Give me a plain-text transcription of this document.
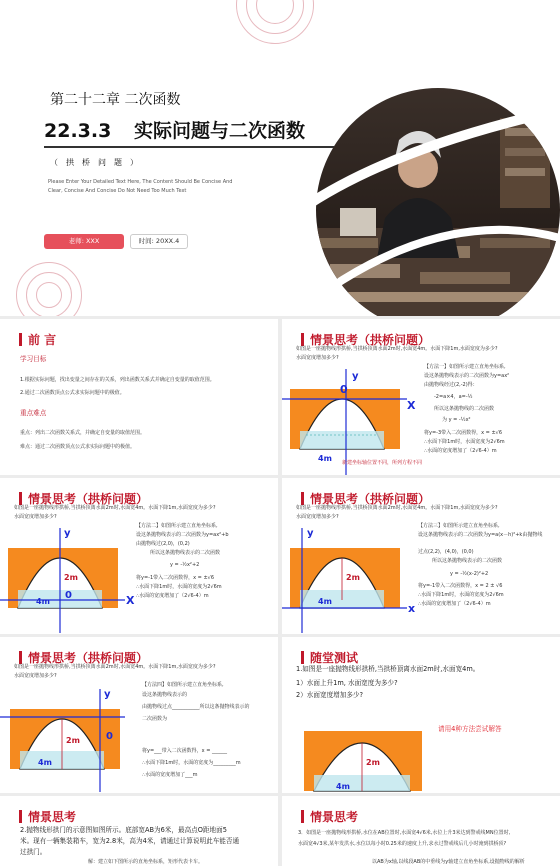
第二十二章 二次函数
22.3.3 实际问题与二次函数
（　拱　桥　问　题　）
Please Enter Your Detailed Text Here, The Content Should Be Concise And
Clear, Concise And Concise Do Not Need Too Much Text
老师: XXX	时间: 20XX.4
前 言
学习目标
1.根据实际问题，找出变量之间存在的关系，列出函数关系式并确定自变量的取值范围。
2.通过二次函数顶点公式求实际问题中的极值。
重点难点
重点：列出二次函数关系式，并确定自变量的取值范围。
难点：通过二次函数顶点公式求实际问题中的极值。
情景思考（拱桥问题）
如图是一座抛物线形拱桥,当拱桥顶离水面2m时,水面宽4m。水面下降1m,水面宽度为多少?
水面宽度增加多少?
y
X
0
4m 新建坐标轴位置不同，所列方程不同
【方法一】如图所示建立直角坐标系,
设这条抛物线表示的二次函数为y=ax²
由抛物线经过(2,-2)得：
-2=a×4，a=-½
所以这条抛物线的二次函数
为 y = -½x²
将y=-3带入二次函数得，x = ±√6
∴水面下降1m时，水面宽度为2√6m
∴水面的宽度增加了（2√6-4）m
情景思考（拱桥问题）
如图是一座抛物线形拱桥,当拱桥顶离水面2m时,水面宽4m。水面下降1m,水面宽度为多少?
水面宽度增加多少?
y
X
0
2m
4m
【方法二】如图所示建立直角坐标系,
设这条抛物线表示的二次函数为y=ax²+b
由抛物线过(2,0)，(0,2)
所以这条抛物线表示的二次函数
y = -½x²+2
将y=-1带入二次函数得，x = ±√6
∴水面下降1m时，水面的宽度为2√6m
∴水面的宽度增加了（2√6-4）m
情景思考（拱桥问题）
如图是一座抛物线形拱桥,当拱桥顶离水面2m时,水面宽4m。水面下降1m,水面宽度为多少?
水面宽度增加多少?
y
x
2m
4m
【方法三】如图所示建立直角坐标系,
设这条抛物线表示的二次函数为y=a(x－h)²+k由抛物线
过点(2,2)，(4,0)，(0,0)
所以这条抛物线表示的二次函数
y = -½(x-2)²+2
将y=-1带入二次函数得，x = 2 ± √6
∴水面下降1m时，水面的宽度为2√6m
∴水面的宽度增加了（2√6-4）m
情景思考（拱桥问题）
如图是一座抛物线形拱桥,当拱桥顶离水面2m时,水面宽4m。水面下降1m,水面宽度为多少?
水面宽度增加多少?
y
0
2m
4m
【方法四】如图所示建立直角坐标系,
设这条抛物线表示的
由抛物线过点___________所以这条抛物线表示的
二次函数为
将y=___带入二次函数得，x = ______
∴水面下降1m时，水面的宽度为_________m
∴水面的宽度增加了___m
随堂测试
1.如图是一座抛物线形拱桥,当拱桥顶离水面2m时,水面宽4m。
1）水面上升1m, 水面宽度为多少?
2）水面宽度增加多少?
2m
4m
请用4种方法尝试解答
情景思考
2.抛物线形拱门的示意图如图所示。底部宽AB为6米，最高点O距地面5
米。现有一辆集装箱车，宽为2.8米，高为4米，请通过计算说明此车能否通
过拱门。
解：建立如下图所示的直角坐标系，矩形代表卡车。
情景思考
3．如图是一座抛物线形拱桥,水位在AB位置时,水面宽4√6米,水位上升3米达到警戒线MN位置时,
水面宽4√3米,某年发洪水,水位以每小时0.25米的速度上升,求水过警戒线后几小时淹到拱桥顶?
以AB为x轴,以线段AB的中垂线为y轴建立直角坐标系,设抛物线的解析
